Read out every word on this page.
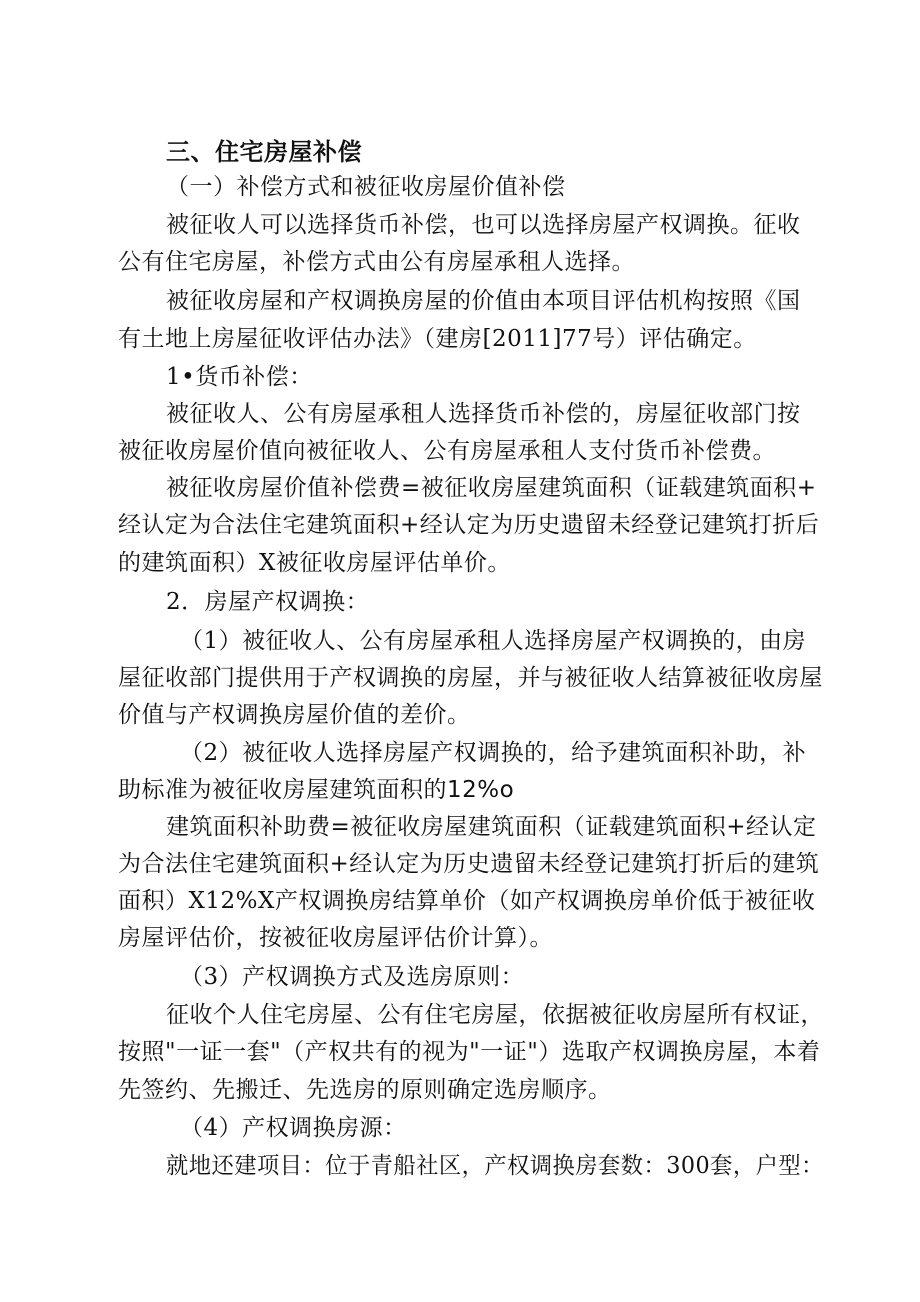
三、住宅房屋补偿
（一）补偿方式和被征收房屋价值补偿
被征收人可以选择货币补偿，也可以选择房屋产权调换。征收
公有住宅房屋，补偿方式由公有房屋承租人选择。
被征收房屋和产权调换房屋的价值由本项目评估机构按照《国
有土地上房屋征收评估办法》（建房[2011]77号）评估确定。
1•货币补偿：
被征收人、公有房屋承租人选择货币补偿的，房屋征收部门按
被征收房屋价值向被征收人、公有房屋承租人支付货币补偿费。
被征收房屋价值补偿费=被征收房屋建筑面积（证载建筑面积+
经认定为合法住宅建筑面积+经认定为历史遗留未经登记建筑打折后
的建筑面积）X被征收房屋评估单价。
2．房屋产权调换：
（1）被征收人、公有房屋承租人选择房屋产权调换的，由房
屋征收部门提供用于产权调换的房屋，并与被征收人结算被征收房屋
价值与产权调换房屋价值的差价。
（2）被征收人选择房屋产权调换的，给予建筑面积补助，补
助标准为被征收房屋建筑面积的12%o
建筑面积补助费=被征收房屋建筑面积（证载建筑面积+经认定
为合法住宅建筑面积+经认定为历史遗留未经登记建筑打折后的建筑
面积）X12%X产权调换房结算单价（如产权调换房单价低于被征收
房屋评估价，按被征收房屋评估价计算）。
（3）产权调换方式及选房原则：
征收个人住宅房屋、公有住宅房屋，依据被征收房屋所有权证，
按照"一证一套"（产权共有的视为"一证"）选取产权调换房屋，本着
先签约、先搬迁、先选房的原则确定选房顺序。
（4）产权调换房源：
就地还建项目：位于青船社区，产权调换房套数：300套，户型：
